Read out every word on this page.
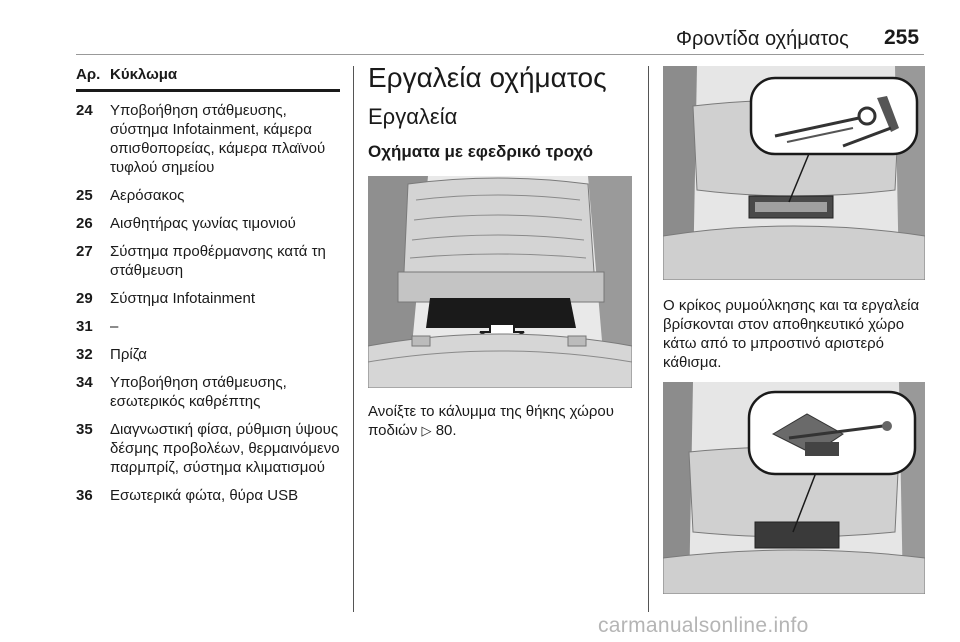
Φροντίδα οχήματος 255
Αρ. Κύκλωμα
24	Υποβοήθηση στάθμευσης, σύστημα Infotainment, κάμερα οπισθοπορείας, κάμερα πλαϊνού τυφλού σημείου
25	Αερόσακος
26	Αισθητήρας γωνίας τιμονιού
27	Σύστημα προθέρμανσης κατά τη στάθμευση
29	Σύστημα Infotainment
31	–
32	Πρίζα
34	Υποβοήθηση στάθμευσης, εσωτερικός καθρέπτης
35	Διαγνωστική φίσα, ρύθμιση ύψους δέσμης προβολέων, θερμαινόμενο παρμπρίζ, σύστημα κλιματισμού
36	Εσωτερικά φώτα, θύρα USB
Εργαλεία οχήματος
Εργαλεία
Οχήματα με εφεδρικό τροχό
Ανοίξτε το κάλυμμα της θήκης χώρου ποδιών ▷ 80.
Ο κρίκος ρυμούλκησης και τα εργαλεία βρίσκονται στον αποθηκευτικό χώρο κάτω από το μπροστινό αριστερό κάθισμα.
carmanualsonline.info
